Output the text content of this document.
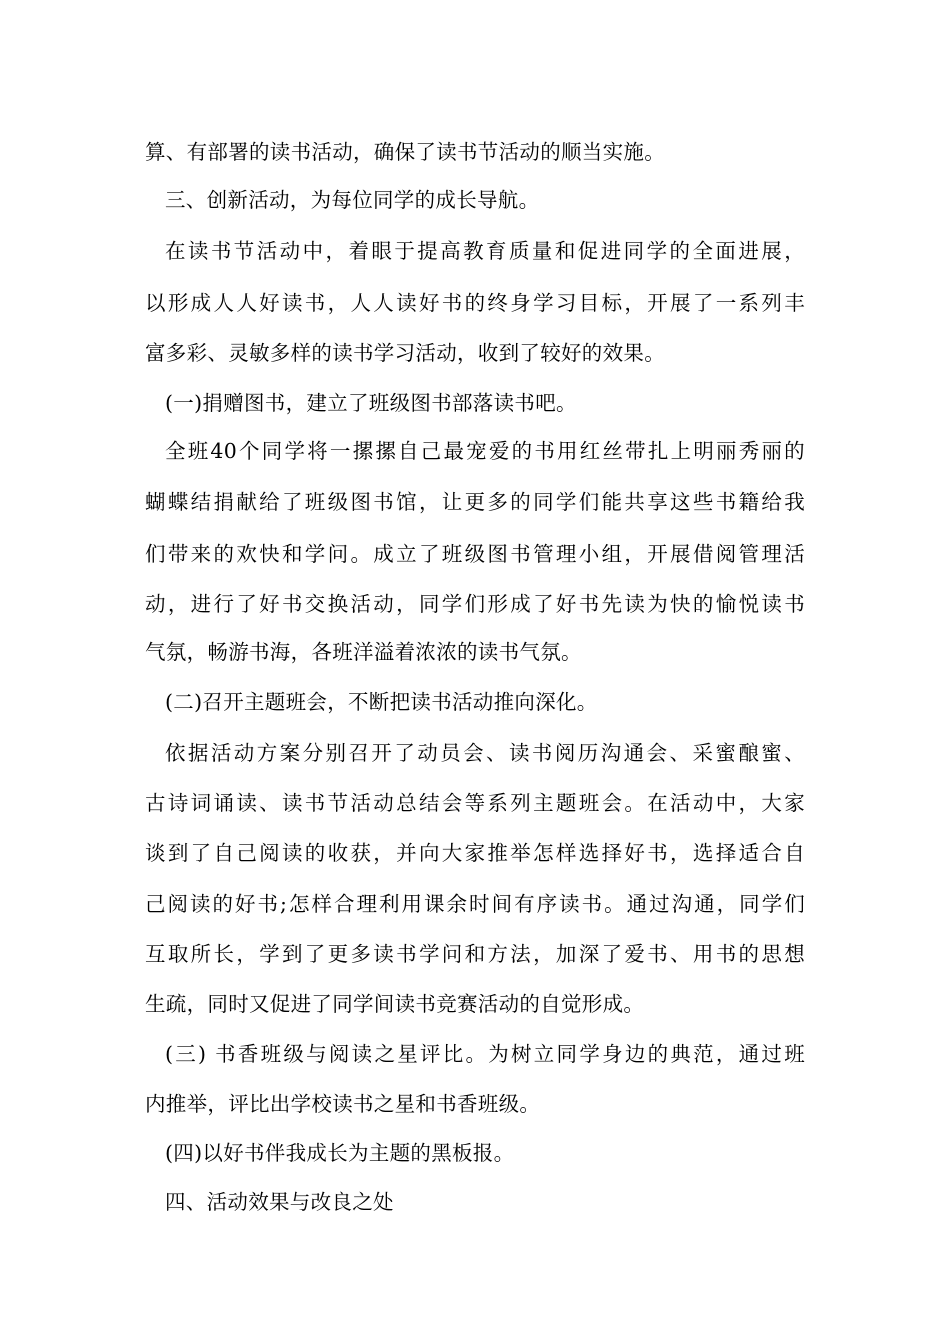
算、有部署的读书活动，确保了读书节活动的顺当实施。
三、创新活动，为每位同学的成长导航。
在读书节活动中，着眼于提高教育质量和促进同学的全面进展，
以形成人人好读书，人人读好书的终身学习目标，开展了一系列丰
富多彩、灵敏多样的读书学习活动，收到了较好的效果。
(一)捐赠图书，建立了班级图书部落读书吧。
全班40个同学将一摞摞自己最宠爱的书用红丝带扎上明丽秀丽的
蝴蝶结捐献给了班级图书馆，让更多的同学们能共享这些书籍给我
们带来的欢快和学问。成立了班级图书管理小组，开展借阅管理活
动，进行了好书交换活动，同学们形成了好书先读为快的愉悦读书
气氛，畅游书海，各班洋溢着浓浓的读书气氛。
(二)召开主题班会，不断把读书活动推向深化。
依据活动方案分别召开了动员会、读书阅历沟通会、采蜜酿蜜、
古诗词诵读、读书节活动总结会等系列主题班会。在活动中，大家
谈到了自己阅读的收获，并向大家推举怎样选择好书，选择适合自
己阅读的好书;怎样合理利用课余时间有序读书。通过沟通，同学们
互取所长，学到了更多读书学问和方法，加深了爱书、用书的思想
生疏，同时又促进了同学间读书竞赛活动的自觉形成。
(三) 书香班级与阅读之星评比。为树立同学身边的典范，通过班
内推举，评比出学校读书之星和书香班级。
(四)以好书伴我成长为主题的黑板报。
四、活动效果与改良之处
